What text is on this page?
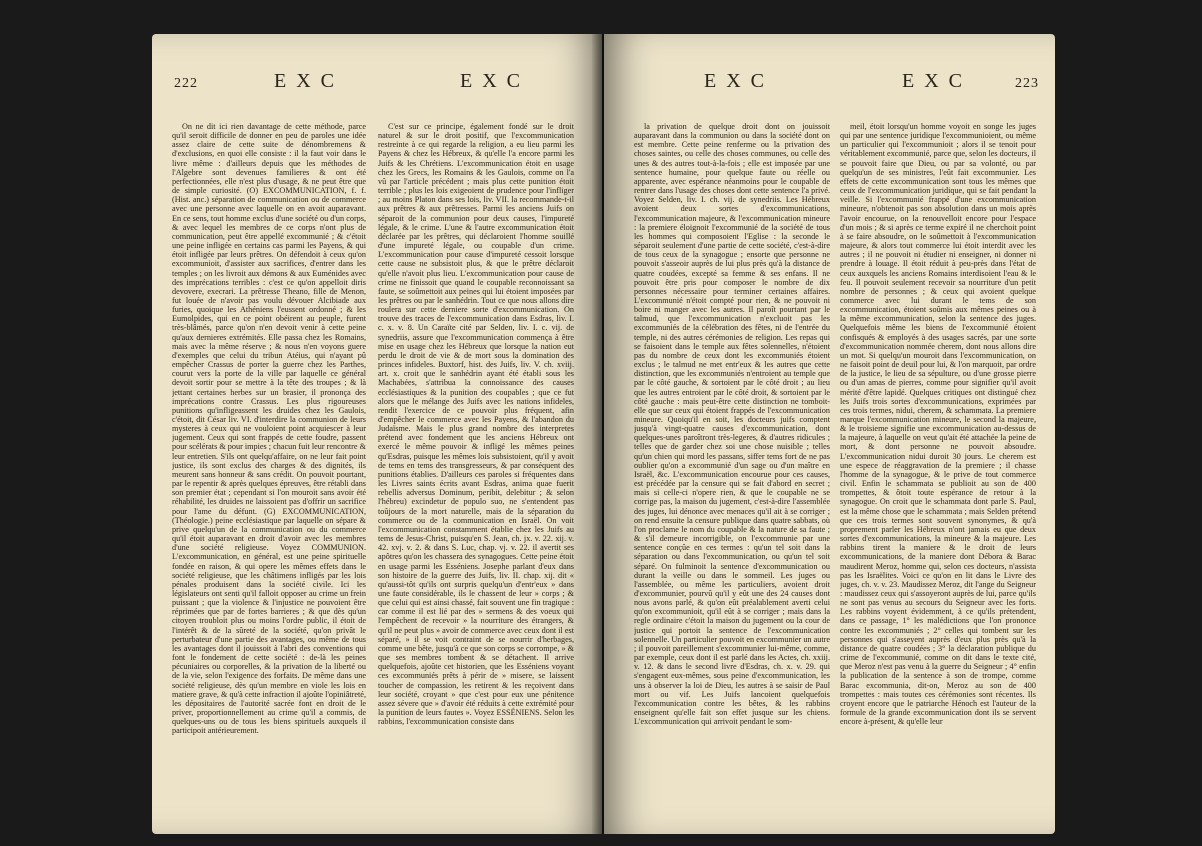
222	EXC	EXC

On ne dit ici rien davantage de cette méthode, parce qu'il seroit difficile de donner en peu de paroles une idée assez claire de cette suite de dénombremens & d'exclusions, en quoi elle consiste : il la faut voir dans le livre même : d'ailleurs depuis que les méthodes de l'Algebre sont devenues familieres & ont été perfectionnées, elle n'est plus d'usage, & ne peut être que de simple curiosité. (O) EXCOMMUNICATION, f. f. (Hist. anc.) séparation de communication ou de commerce avec une personne avec laquelle on en avoit auparavant. En ce sens, tout homme exclus d'une société ou d'un corps, & avec lequel les membres de ce corps n'ont plus de communication, peut être appellé excommunié ; & c'étoit une peine infligée en certains cas parmi les Payens, & qui étoit infligée par leurs prêtres. On défendoit à ceux qu'on excommunioit, d'assister aux sacrifices, d'entrer dans les temples ; on les livroit aux démons & aux Euménides avec des imprécations terribles : c'est ce qu'on appelloit diris devovere, execrari. La prêtresse Theano, fille de Menon, fut louée de n'avoir pas voulu dévouer Alcibiade aux furies, quoique les Athéniens l'eussent ordonné ; & les Eumolpides, qui en ce point obéirent au peuple, furent très-blâmés, parce qu'on n'en devoit venir à cette peine qu'aux dernieres extrémités. Elle passa chez les Romains, mais avec la même réserve ; & nous n'en voyons guere d'exemples que celui du tribun Atéius, qui n'ayant pû empêcher Crassus de porter la guerre chez les Parthes, courut vers la porte de la ville par laquelle ce général devoit sortir pour se mettre à la tête des troupes ; & là jettant certaines herbes sur un brasier, il prononça des imprécations contre Crassus. Les plus rigoureuses punitions qu'infligeassent les druides chez les Gaulois, c'étoit, dit César liv. VI. d'interdire la communion de leurs mysteres à ceux qui ne vouloient point acquiescer à leur jugement. Ceux qui sont frappés de cette foudre, passent pour scélérats & pour impies ; chacun fuit leur rencontre & leur entretien. S'ils ont quelqu'affaire, on ne leur fait point justice, ils sont exclus des charges & des dignités, ils meurent sans honneur & sans crédit. On pouvoit pourtant, par le repentir & après quelques épreuves, être rétabli dans son premier état ; cependant si l'on mouroit sans avoir été réhabilité, les druides ne laissoient pas d'offrir un sacrifice pour l'ame du défunt. (G) EXCOMMUNICATION, (Théologie.) peine ecclésiastique par laquelle on sépare & prive quelqu'un de la communication ou du commerce qu'il étoit auparavant en droit d'avoir avec les membres d'une société religieuse. Voyez COMMUNION. L'excommunication, en général, est une peine spirituelle fondée en raison, & qui opere les mêmes effets dans le société religieuse, que les châtimens infligés par les lois pénales produisent dans la société civile. Ici les législateurs ont senti qu'il falloit opposer au crime un frein puissant ; que la violence & l'injustice ne pouvoient être réprimées que par de fortes barrieres ; & que dès qu'un citoyen troubloit plus ou moins l'ordre public, il étoit de l'intérêt & de la sûreté de la société, qu'on privât le perturbateur d'une partie des avantages, ou même de tous les avantages dont il jouissoit à l'abri des conventions qui font le fondement de cette société : de-là les peines pécuniaires ou corporelles, & la privation de la liberté ou de la vie, selon l'exigence des forfaits. De même dans une société religieuse, dès qu'un membre en viole les lois en matiere grave, & qu'à cette infraction il ajoûte l'opiniâtreté, les dépositaires de l'autorité sacrée font en droit de le priver, proportionnellement au crime qu'il a commis, de quelques-uns ou de tous les biens spirituels auxquels il participoit antérieurement.

C'est sur ce principe, également fondé sur le droit naturel & sur le droit positif, que l'excommunication restreinte à ce qui regarde la religion, a eu lieu parmi les Payens & chez les Hébreux, & qu'elle l'a encore parmi les Juifs & les Chrétiens. L'excommunication étoit en usage chez les Grecs, les Romains & les Gaulois, comme on l'a vû par l'article précédent ; mais plus cette punition étoit terrible ; plus les lois exigeoient de prudence pour l'infliger ; au moins Platon dans ses lois, liv. VII. la recommande-t-il aux prêtres & aux prêtresses. Parmi les anciens Juifs on séparoit de la communion pour deux causes, l'impureté légale, & le crime. L'une & l'autre excommunication étoit déclarée par les prêtres, qui déclaroient l'homme souillé d'une impureté légale, ou coupable d'un crime. L'excommunication pour cause d'impureté cessoit lorsque cette cause ne subsistoit plus, & que le prêtre déclaroit qu'elle n'avoit plus lieu. L'excommunication pour cause de crime ne finissoit que quand le coupable reconnoissant sa faute, se soûmettoit aux peines qui lui étoient imposées par les prêtres ou par le sanhédrin. Tout ce que nous allons dire roulera sur cette derniere sorte d'excommunication. On trouve des traces de l'excommunication dans Esdras, liv. I. c. x. v. 8. Un Caraïte cité par Selden, liv. I. c. vij. de synedriis, assure que l'excommunication commença à être mise en usage chez les Hébreux que lorsque la nation eut perdu le droit de vie & de mort sous la domination des princes infideles. Buxtorf, hist. des Juifs, liv. V. ch. xviij. art. x. croit que le sanhédrin ayant été établi sous les Machabées, s'attribua la connoissance des causes ecclésiastiques & la punition des coupables ; que ce fut alors que le mélange des Juifs avec les nations infideles, rendit l'exercice de ce pouvoir plus fréquent, afin d'empêcher le commerce avec les Payens, & l'abandon du Judaïsme. Mais le plus grand nombre des interpretes prétend avec fondement que les anciens Hébreux ont exercé le même pouvoir & infligé les mêmes peines qu'Esdras, puisque les mêmes lois subsistoient, qu'il y avoit de tems en tems des transgresseurs, & par conséquent des punitions établies. D'ailleurs ces paroles si fréquentes dans les Livres saints écrits avant Esdras, anima quae fuerit rebellis adversus Dominum, peribit, delebitur ; & selon l'hébreu) excindetur de populo suo, ne s'entendent pas toûjours de la mort naturelle, mais de la séparation du commerce ou de la communication en Israël. On voit l'excommunication constamment établie chez les Juifs au tems de Jesus-Christ, puisqu'en S. Jean, ch. jx. v. 22. xij. v. 42. xvj. v. 2. & dans S. Luc, chap. vj. v. 22. il avertit ses apôtres qu'on les chassera des synagogues. Cette peine étoit en usage parmi les Esséniens. Josephe parlant d'eux dans son histoire de la guerre des Juifs, liv. II. chap. xij. dit « qu'aussi-tôt qu'ils ont surpris quelqu'un d'entr'eux » dans une faute considérable, ils le chassent de leur » corps ; & que celui qui est ainsi chassé, fait souvent une fin tragique : car comme il est lié par des » sermens & des voeux qui l'empêchent de recevoir » la nourriture des étrangers, & qu'il ne peut plus » avoir de commerce avec ceux dont il est séparé, » il se voit contraint de se nourrir d'herbages, comme une bête, jusqu'à ce que son corps se corrompe, » & que ses membres tombent & se détachent. Il arrive quelquefois, ajoûte cet historien, que les Esséniens voyant ces excommuniés prêts à périr de » misere, se laissent toucher de compassion, les retirent & les reçoivent dans leur société, croyant » que c'est pour eux une pénitence assez sévere que » d'avoir été réduits à cette extrémité pour la punition de leurs fautes ». Voyez ESSÉNIENS. Selon les rabbins, l'excommunication consiste dans

EXC	EXC	223

la privation de quelque droit dont on jouissoit auparavant dans la communion ou dans la société dont on est membre. Cette peine renferme ou la privation des choses saintes, ou celle des choses communes, ou celle des unes & des autres tout-à-la-fois ; elle est imposée par une sentence humaine, pour quelque faute ou réelle ou apparente, avec espérance néanmoins pour le coupable de rentrer dans l'usage des choses dont cette sentence l'a privé. Voyez Selden, liv. I. ch. vij. de synedriis. Les Hébreux avoient deux sortes d'excommunications, l'excommunication majeure, & l'excommunication mineure : la premiere éloignoit l'excommunié de la société de tous les hommes qui composoient l'Eglise : la seconde le séparoit seulement d'une partie de cette société, c'est-à-dire de tous ceux de la synagogue ; ensorte que personne ne pouvoit s'asseoir auprès de lui plus près qu'à la distance de quatre coudées, excepté sa femme & ses enfans. Il ne pouvoit être pris pour composer le nombre de dix personnes nécessaire pour terminer certaines affaires. L'excommunié n'étoit compté pour rien, & ne pouvoit ni boire ni manger avec les autres. Il paroît pourtant par le talmud, que l'excommunication n'excluoit pas les excommuniés de la célébration des fêtes, ni de l'entrée du temple, ni des autres cérémonies de religion. Les repas qui se faisoient dans le temple aux fêtes solennelles, n'étoient pas du nombre de ceux dont les excommuniés étoient exclus ; le talmud ne met entr'eux & les autres que cette distinction, que les excommuniés n'entroient au temple que par le côté gauche, & sortoient par le côté droit ; au lieu que les autres entroient par le côté droit, & sortoient par le côté gauche : mais peut-être cette distinction ne tomboit-elle que sur ceux qui étoient frappés de l'excommunication mineure. Quoiqu'il en soit, les docteurs juifs comptent jusqu'à vingt-quatre causes d'excommunication, dont quelques-unes paroîtront très-legeres, & d'autres ridicules ; telles que de garder chez soi une chose nuisible ; telles qu'un chien qui mord les passans, siffer tems fort de ne pas oublier qu'on a excommunié d'un sage ou d'un maître en Israël, &c. L'excommunication encourue pour ces causes, est précédée par la censure qui se fait d'abord en secret ; mais si celle-ci n'opere rien, & que le coupable ne se corrige pas, la maison du jugement, c'est-à-dire l'assemblée des juges, lui dénonce avec menaces qu'il ait à se corriger ; on rend ensuite la censure publique dans quatre sabbats, où l'on proclame le nom du coupable & la nature de sa faute ; & s'il demeure incorrigible, on l'excommunie par une sentence conçûe en ces termes : qu'un tel soit dans la séparation ou dans l'excommunication, ou qu'un tel soit séparé. On fulminoit la sentence d'excommunication ou durant la veille ou dans le sommeil. Les juges ou l'assemblée, ou même les particuliers, avoient droit d'excommunier, pourvû qu'il y eût une des 24 causes dont nous avons parlé, & qu'on eût préalablement averti celui qu'on excommunioit, qu'il eût à se corriger ; mais dans la regle ordinaire c'étoit la maison du jugement ou la cour de justice qui portoit la sentence de l'excommunication solennelle. Un particulier pouvoit en excommunier un autre ; il pouvoit pareillement s'excommunier lui-même, comme, par exemple, ceux dont il est parlé dans les Actes, ch. xxiij. v. 12. & dans le second livre d'Esdras, ch. x. v. 29. qui s'engagent eux-mêmes, sous peine d'excommunication, les uns à observer la loi de Dieu, les autres à se saisir de Paul mort ou vif. Les Juifs lancoient quelquefois l'excommunication contre les bêtes, & les rabbins enseignent qu'elle fait son effet jusque sur les chiens. L'excommunication qui arrivoit pendant le som-

meil, étoit lorsqu'un homme voyoit en songe les juges qui par une sentence juridique l'excommunioient, ou même un particulier qui l'excommunioit ; alors il se tenoit pour véritablement excommunié, parce que, selon les docteurs, il se pouvoit faire que Dieu, ou par sa volonté, ou par quelqu'un de ses ministres, l'eût fait excommunier. Les effets de cette excommunication sont tous les mêmes que ceux de l'excommunication juridique, qui se fait pendant la veille. Si l'excommunié frappé d'une excommunication mineure, n'obtenoit pas son absolution dans un mois après l'avoir encourue, on la renouvelloit encore pour l'espace d'un mois ; & si après ce terme expiré il ne cherchoit point à se faire absoudre, on le soûmettoit à l'excommunication majeure, & alors tout commerce lui étoit interdit avec les autres ; il ne pouvoit ni étudier ni enseigner, ni donner ni prendre à louage. Il étoit réduit à peu-près dans l'état de ceux auxquels les anciens Romains interdisoient l'eau & le feu. Il pouvoit seulement recevoir sa nourriture d'un petit nombre de personnes ; & ceux qui avoient quelque commerce avec lui durant le tems de son excommunication, étoient soûmis aux mêmes peines ou à la même excommunication, selon la sentence des juges. Quelquefois même les biens de l'excommunié étoient confisqués & employés à des usages sacrés, par une sorte d'excommunication nommée cherem, dont nous allons dire un mot. Si quelqu'un mouroit dans l'excommunication, on ne faisoit point de deuil pour lui, & l'on marquoit, par ordre de la justice, le lieu de sa sépulture, ou d'une grosse pierre ou d'un amas de pierres, comme pour signifier qu'il avoit mérité d'être lapidé. Quelques critiques ont distingué chez les Juifs trois sortes d'excommunications, exprimées par ces trois termes, nidui, cherem, & schammata. La premiere marque l'excommunication mineure, le second la majeure, & le troisieme signifie une excommunication au-dessus de la majeure, à laquelle on veut qu'ait été attachée la peine de mort, & dont personne ne pouvoit absoudre. L'excommunication nidui duroit 30 jours. Le cherem est une espece de réaggravation de la premiere ; il chasse l'homme de la synagogue, & le prive de tout commerce civil. Enfin le schammata se publioit au son de 400 trompettes, & ôtoit toute espérance de retour à la synagogue. On croit que le schammata dont parle S. Paul, est la même chose que le schammata ; mais Selden prétend que ces trois termes sont souvent synonymes, & qu'à proprement parler les Hébreux n'ont jamais eu que deux sortes d'excommunications, la mineure & la majeure. Les rabbins tirent la maniere & le droit de leurs excommunications, de la maniere dont Débora & Barac maudirent Meroz, homme qui, selon ces docteurs, n'assista pas les Israëlites. Voici ce qu'on en lit dans le Livre des juges, ch. v. v. 23. Maudissez Meroz, dit l'ange du Seigneur : maudissez ceux qui s'assoyeront auprès de lui, parce qu'ils ne sont pas venus au secours du Seigneur avec les forts. Les rabbins voyent évidemment, à ce qu'ils prétendent, dans ce passage, 1° les malédictions que l'on prononce contre les excommuniés ; 2° celles qui tombent sur les personnes qui s'asseyent auprès d'eux plus près qu'à la distance de quatre coudées ; 3° la déclaration publique du crime de l'excommunié, comme on dit dans le texte cité, que Meroz n'est pas venu à la guerre du Seigneur ; 4° enfin la publication de la sentence à son de trompe, comme Barac excommunia, dit-on, Meroz au son de 400 trompettes : mais toutes ces cérémonies sont récentes. Ils croyent encore que le patriarche Hénoch est l'auteur de la formule de la grande excommunication dont ils se servent encore à-présent, & qu'elle leur
